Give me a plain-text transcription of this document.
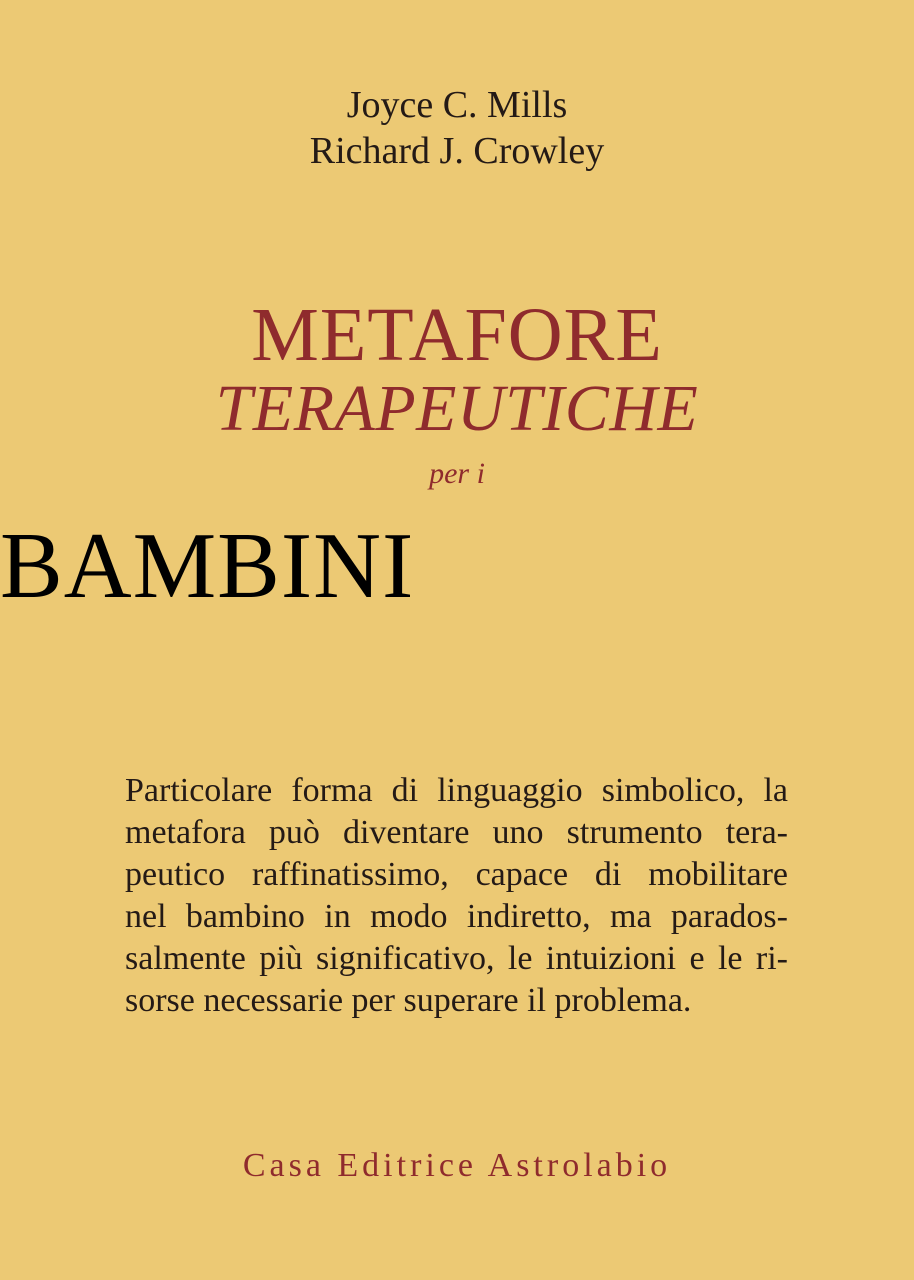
Joyce C. Mills
Richard J. Crowley
METAFORE
TERAPEUTICHE
per i
BAMBINI
Particolare forma di linguaggio simbolico, la
metafora può diventare uno strumento tera-
peutico raffinatissimo, capace di mobilitare
nel bambino in modo indiretto, ma parados-
salmente più significativo, le intuizioni e le ri-
sorse necessarie per superare il problema.
Casa Editrice Astrolabio
